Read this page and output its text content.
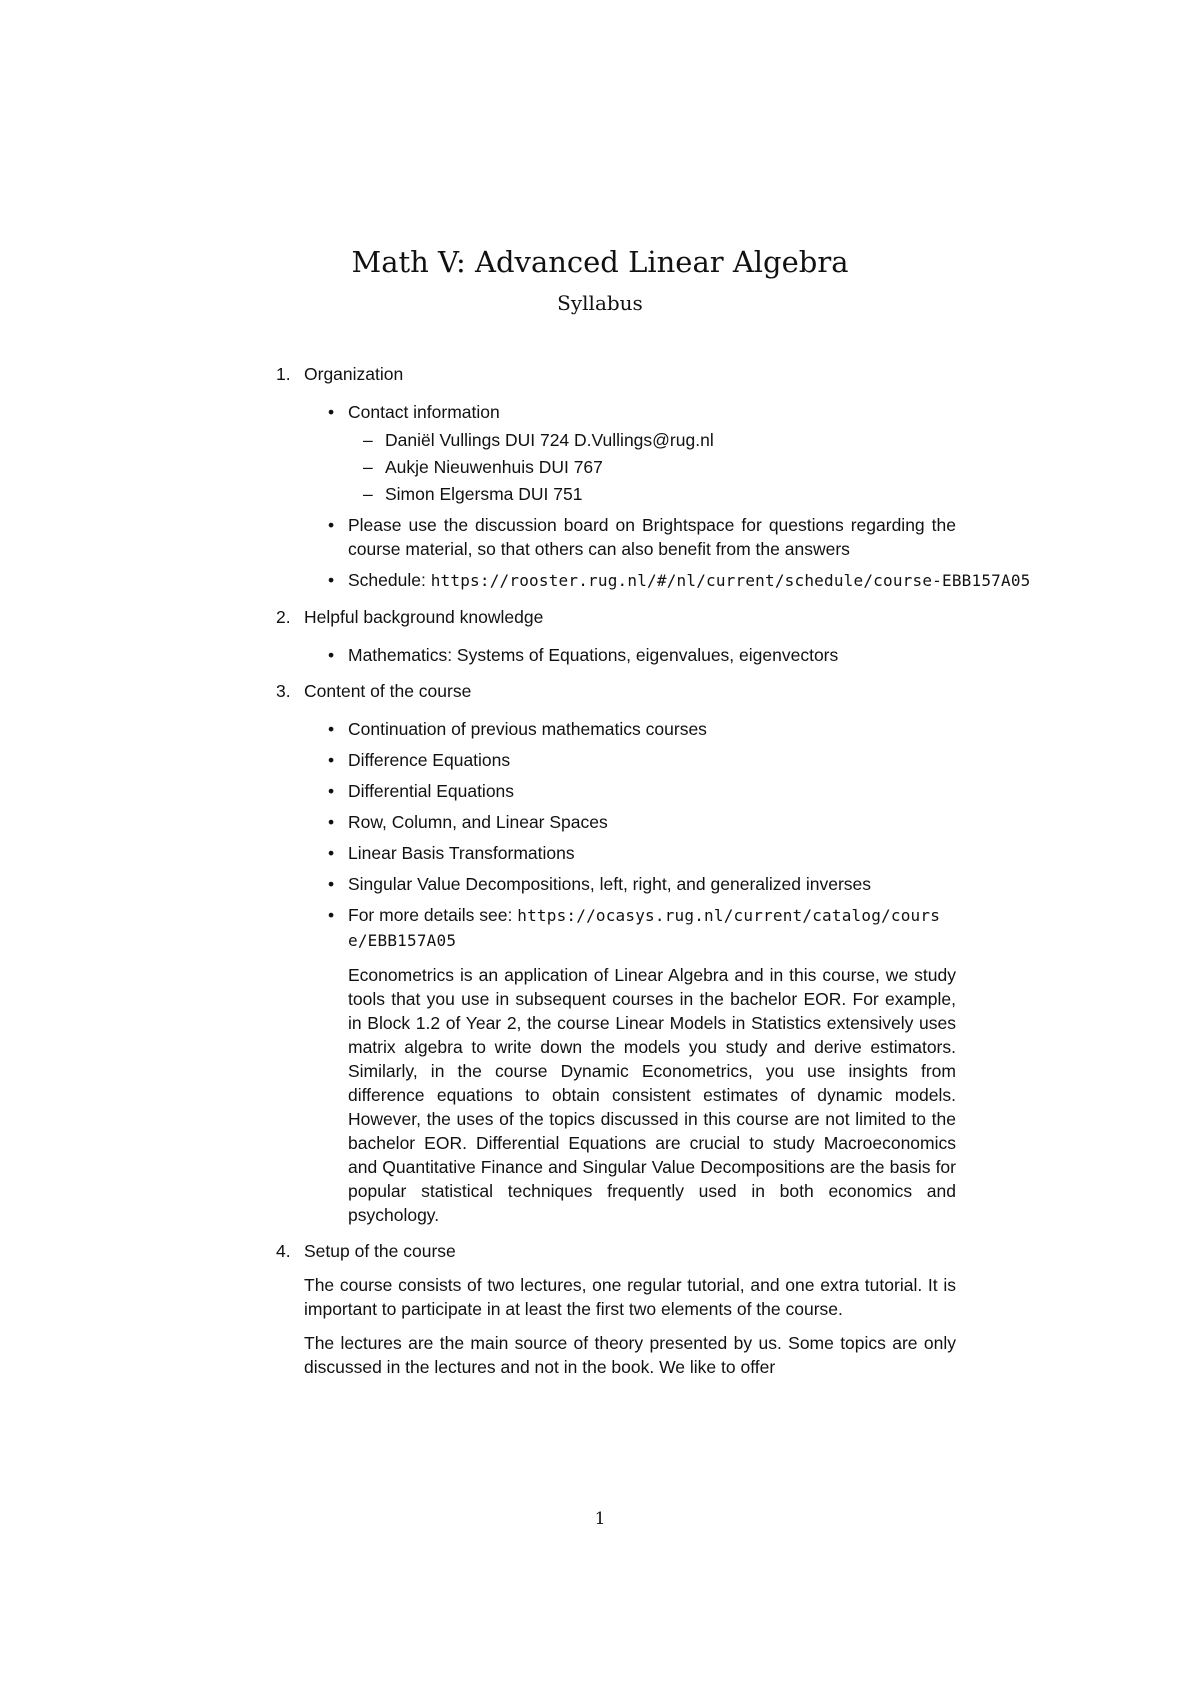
Math V: Advanced Linear Algebra
Syllabus
1. Organization
• Contact information
– Daniël Vullings DUI 724 D.Vullings@rug.nl
– Aukje Nieuwenhuis DUI 767
– Simon Elgersma DUI 751
• Please use the discussion board on Brightspace for questions regarding the course material, so that others can also benefit from the answers
• Schedule: https://rooster.rug.nl/#/nl/current/schedule/course-EBB157A05
2. Helpful background knowledge
• Mathematics: Systems of Equations, eigenvalues, eigenvectors
3. Content of the course
• Continuation of previous mathematics courses
• Difference Equations
• Differential Equations
• Row, Column, and Linear Spaces
• Linear Basis Transformations
• Singular Value Decompositions, left, right, and generalized inverses
• For more details see: https://ocasys.rug.nl/current/catalog/course/EBB157A05

Econometrics is an application of Linear Algebra and in this course, we study tools that you use in subsequent courses in the bachelor EOR. For example, in Block 1.2 of Year 2, the course Linear Models in Statistics extensively uses matrix algebra to write down the models you study and derive estimators. Similarly, in the course Dynamic Econometrics, you use insights from difference equations to obtain consistent estimates of dynamic models. However, the uses of the topics discussed in this course are not limited to the bachelor EOR. Differential Equations are crucial to study Macroeconomics and Quantitative Finance and Singular Value Decompositions are the basis for popular statistical techniques frequently used in both economics and psychology.

4. Setup of the course

The course consists of two lectures, one regular tutorial, and one extra tutorial. It is important to participate in at least the first two elements of the course.

The lectures are the main source of theory presented by us. Some topics are only discussed in the lectures and not in the book. We like to offer

1
